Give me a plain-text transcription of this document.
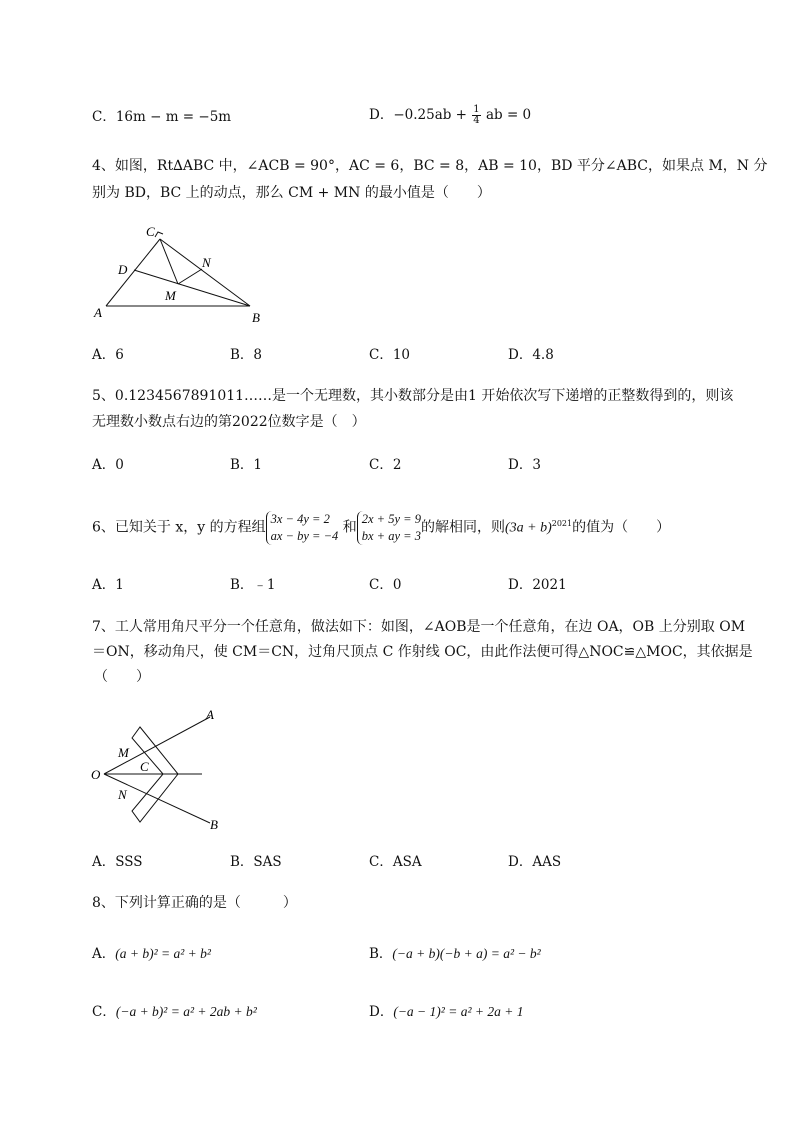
C．16m − m = −5m	D．$-0.25ab + \frac{1}{4}$ ab = 0
4、如图，Rt∆ABC 中，∠ACB = 90°，AC = 6，BC = 8，AB = 10，BD 平分∠ABC，如果点 M，N 分
别为 BD，BC 上的动点，那么 CM + MN 的最小值是（　　）
C
D	N
M
A	B
A．6	B．8	C．10	D．4.8
5、0.1234567891011……是一个无理数，其小数部分是由1 开始依次写下递增的正整数得到的，则该
无理数小数点右边的第2022位数字是（　）
A．0	B．1	C．2	D．3
6、已知关于 x，y 的方程组
3x − 4y = 2
ax − by = −4 和
2x + 5y = 9
bx + ay = 3 的解相同，则$(3a + b)^{2021}$的值为（　　）
A．1	B．﹣1	C．0	D．2021
7、工人常用角尺平分一个任意角，做法如下：如图，∠AOB是一个任意角，在边 OA，OB 上分别取 OM
＝ON，移动角尺，使 CM＝CN，过角尺顶点 C 作射线 OC，由此作法便可得△NOC≌△MOC，其依据是
（　　）
M
C
O
N
A
B
A．SSS	B．SAS	C．ASA	D．AAS
8、下列计算正确的是（　　　）
A．(a + b)² = a² + b²	B．(−a + b)(−b + a) = a² − b²
C．(−a + b)² = a² + 2ab + b²	D．(−a − 1)² = a² + 2a + 1
